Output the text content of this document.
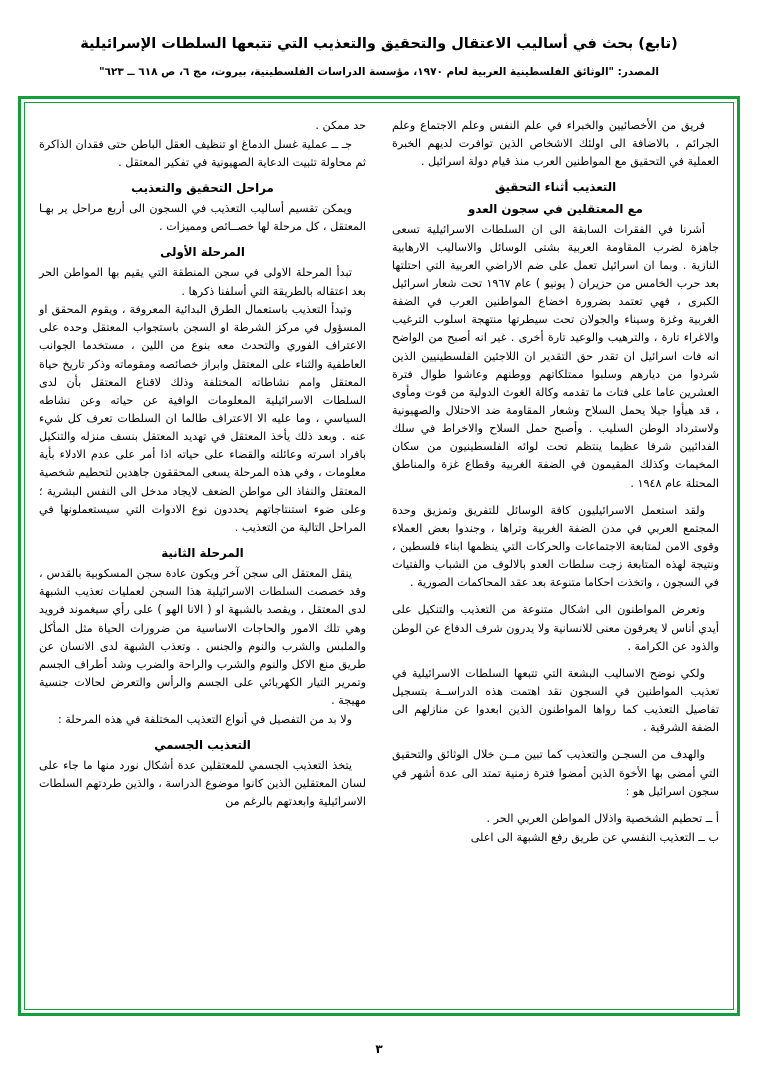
(تابع) بحث في أساليب الاعتقال والتحقيق والتعذيب التي تتبعها السلطات الإسرائيلية
المصدر: "الوثائق الفلسطينية العربية لعام ١٩٧٠، مؤسسة الدراسات الفلسطينية، بيروت، مج ٦، ص ٦١٨ ــ ٦٢٣"

فريق من الأخصائيين والخبراء في علم النفس وعلم الاجتماع وعلم الجرائم ، بالاضافة الى اولئك الاشخاص الذين توافرت لديهم الخبرة العملية في التحقيق مع المواطنين العرب منذ قيام دولة اسرائيل .

التعذيب أثناء التحقيق
مع المعتقلين في سجون العدو

أشرنا في الفقرات السابقة الى ان السلطات الاسرائيلية تسعى جاهزة لضرب المقاومة العربية بشتى الوسائل والاساليب الارهابية النازية . وبما ان اسرائيل تعمل على ضم الاراضي العربية التي احتلتها بعد حرب الخامس من حزيران ( يونيو ) عام ١٩٦٧ تحت شعار اسرائيل الكبرى ، فهي تعتمد بضرورة اخضاع المواطنين العرب في الضفة الغربية وغزة وسيناء والجولان تحت سيطرتها منتهجة اسلوب الترغيب والاغراء تارة ، والترهيب والوعيد تارة أخرى . غير انه أصبح من الواضح انه فات اسرائيل ان تقدر حق التقدير ان اللاجئين الفلسطينيين الذين شردوا من ديارهم وسلبوا ممتلكاتهم ووطنهم وعاشوا طوال فترة العشرين عاما على فتات ما تقدمه وكالة الغوث الدولية من قوت ومأوى ، قد هيأوا جيلا يحمل السلاح وشعار المقاومة ضد الاحتلال والصهيونية ولاسترداد الوطن السليب . وأصبح حمل السلاح والاخراط في سلك الفدائيين شرفا عظيما ينتظم تحت لوائه الفلسطينيون من سكان المخيمات وكذلك المقيمون في الضفة الغربية وقطاع غزة والمناطق المحتلة عام ١٩٤٨ .

ولقد استعمل الاسرائيليون كافة الوسائل للتفريق وتمزيق وحدة المجتمع العربي في مدن الضفة الغربية وتراها ، وجندوا بعض العملاء وقوى الامن لمتابعة الاجتماعات والحركات التي ينظمها ابناء فلسطين ، ونتيجة لهذه المتابعة زجت سلطات العدو بالالوف من الشباب والفتيات في السجون ، واتخذت احكاما متنوعة بعد عقد المحاكمات الصورية .

وتعرض المواطنون الى اشكال متنوعة من التعذيب والتنكيل على أيدي أناس لا يعرفون معنى للانسانية ولا يدرون شرف الدفاع عن الوطن والذود عن الكرامة .

ولكي نوضح الاساليب البشعة التي تتبعها السلطات الاسرائيلية في تعذيب المواطنين في السجون نقد اهتمت هذه الدراســة بتسجيل تفاصيل التعذيب كما رواها المواطنون الذين ابعدوا عن منازلهم الى الضفة الشرقية .

والهدف من السجـن والتعذيب كما تبين مــن خلال الوثائق والتحقيق التي أمضى بها الأخوة الذين أمضوا فترة زمنية تمتد الى عدة أشهر في سجون اسرائيل هو :

أ ــ تحطيم الشخصية واذلال المواطن العربي الحر .

ب ــ التعذيب النفسي عن طريق رفع الشبهة الى اعلى

حد ممكن .

جـ ــ عملية غسل الدماغ او تنظيف العقل الباطن حتى فقدان الذاكرة ثم محاولة تثبيت الدعاية الصهيونية في تفكير المعتقل .

مراحل التحقيق والتعذيب

ويمكن تقسيم أساليب التعذيب في السجون الى أربع مراحل ير بهـا المعتقل ، كل مرحلة لها خصــائص ومميزات .

المرحلة الأولى

تبدأ المرحلة الاولى في سجن المنطقة التي يقيم بها المواطن الحر بعد اعتقاله بالطريقة التي أسلفنا ذكرها .

وتبدأ التعذيب باستعمال الطرق البدائية المعروفة ، ويقوم المحقق او المسؤول في مركز الشرطة او السجن باستجواب المعتقل وحده على الاعتراف الفوري والتحدث معه بنوع من اللين ، مستخدما الجوانب العاطفية والثناء على المعتقل وابراز خصائصه ومقوماته وذكر تاريخ حياة المعتقل وامم نشاطاته المختلفة وذلك لاقناع المعتقل بأن لدى السلطات الاسرائيلية المعلومات الوافية عن حياته وعن نشاطه السياسي ، وما عليه الا الاعتراف طالما ان السلطات تعرف كل شيء عنه . وبعد ذلك يأخذ المعتقل في تهديد المعتقل بنسف منزله والتنكيل بافراد اسرته وعائلته والقضاء على حياته اذا أمر على عدم الادلاء بأية معلومات ، وفي هذه المرحلة يسعى المحققون جاهدين لتحطيم شخصية المعتقل والنفاذ الى مواطن الضعف لايجاد مدخل الى النفس البشرية ؛ وعلى ضوء استنتاجاتهم يحددون نوع الادوات التي سيستعملونها في المراحل التالية من التعذيب .

المرحلة الثانية

ينقل المعتقل الى سجن آخر ويكون عادة سجن المسكوبية بالقدس ، وقد خصصت السلطات الاسرائيلية هذا السجن لعمليات تعذيب الشبهة لدى المعتقل ، ويقصد بالشبهة او ( الانا الهو ) على رأي سيغموند فرويد وهي تلك الامور والحاجات الاساسية من ضرورات الحياة مثل المأكل والملبس والشرب والنوم والجنس . وتعذب الشبهة لدى الانسان عن طريق منع الاكل والنوم والشرب والراحة والضرب وشد أطراف الجسم وتمرير التيار الكهربائي على الجسم والرأس والتعرض لحالات جنسية مهيجة .

ولا بد من التفصيل في أنواع التعذيب المختلفة في هذه المرحلة :

التعذيب الجسمي

يتخذ التعذيب الجسمي للمعتقلين عدة أشكال نورد منها ما جاء على لسان المعتقلين الذين كانوا موضوع الدراسة ، والذين طردتهم السلطات الاسرائيلية وابعدتهم بالرغم من

٣
